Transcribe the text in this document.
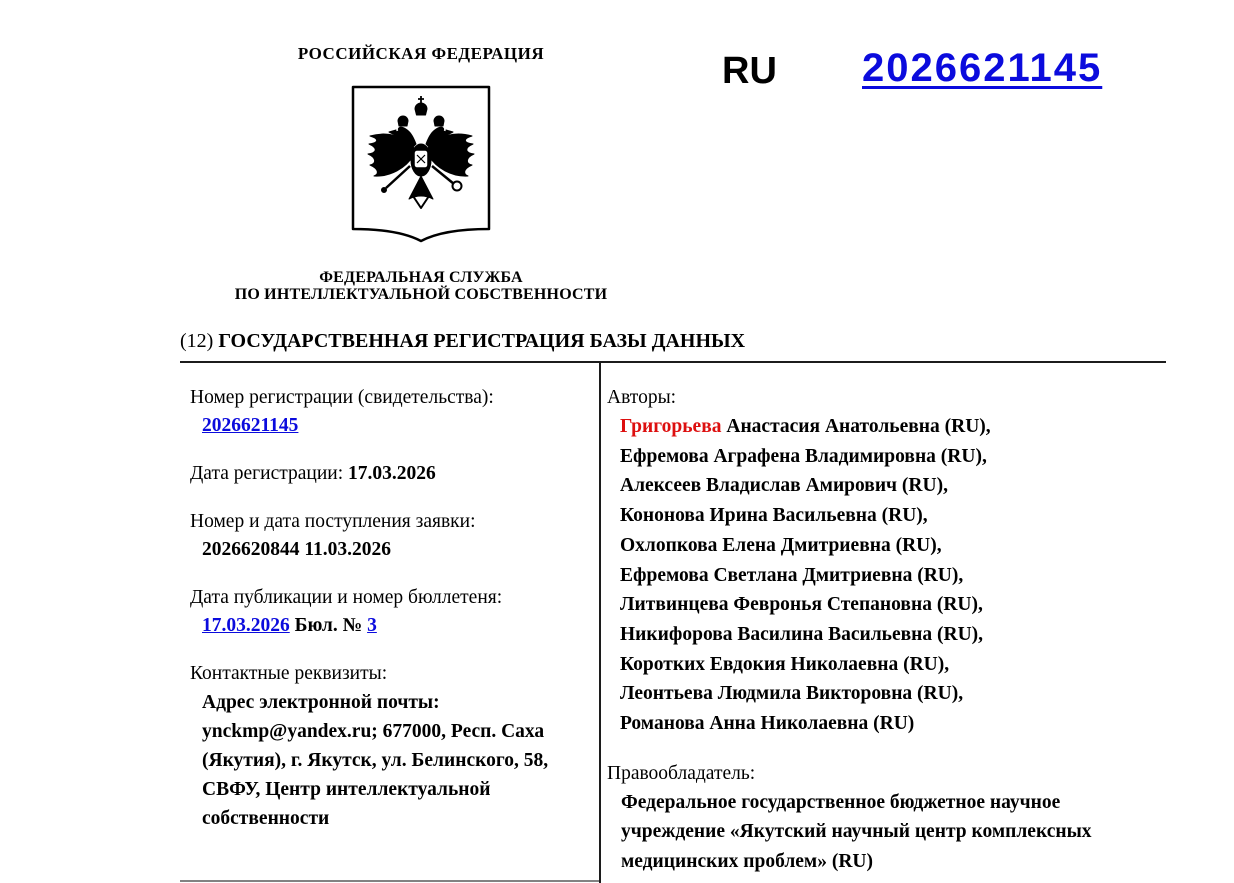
РОССИЙСКАЯ ФЕДЕРАЦИЯ
ФЕДЕРАЛЬНАЯ СЛУЖБА
ПО ИНТЕЛЛЕКТУАЛЬНОЙ СОБСТВЕННОСТИ
RU 2026621145
(12) ГОСУДАРСТВЕННАЯ РЕГИСТРАЦИЯ БАЗЫ ДАННЫХ
Номер регистрации (свидетельства):
2026621145
Дата регистрации: 17.03.2026
Номер и дата поступления заявки:
2026620844 11.03.2026
Дата публикации и номер бюллетеня:
17.03.2026 Бюл. № 3
Контактные реквизиты:
Адрес электронной почты: ynckmp@yandex.ru; 677000, Респ. Саха (Якутия), г. Якутск, ул. Белинского, 58, СВФУ, Центр интеллектуальной собственности
Авторы:
Григорьева Анастасия Анатольевна (RU),
Ефремова Аграфена Владимировна (RU),
Алексеев Владислав Амирович (RU),
Кононова Ирина Васильевна (RU),
Охлопкова Елена Дмитриевна (RU),
Ефремова Светлана Дмитриевна (RU),
Литвинцева Февронья Степановна (RU),
Никифорова Василина Васильевна (RU),
Коротких Евдокия Николаевна (RU),
Леонтьева Людмила Викторовна (RU),
Романова Анна Николаевна (RU)
Правообладатель:
Федеральное государственное бюджетное научное учреждение «Якутский научный центр комплексных медицинских проблем» (RU)
